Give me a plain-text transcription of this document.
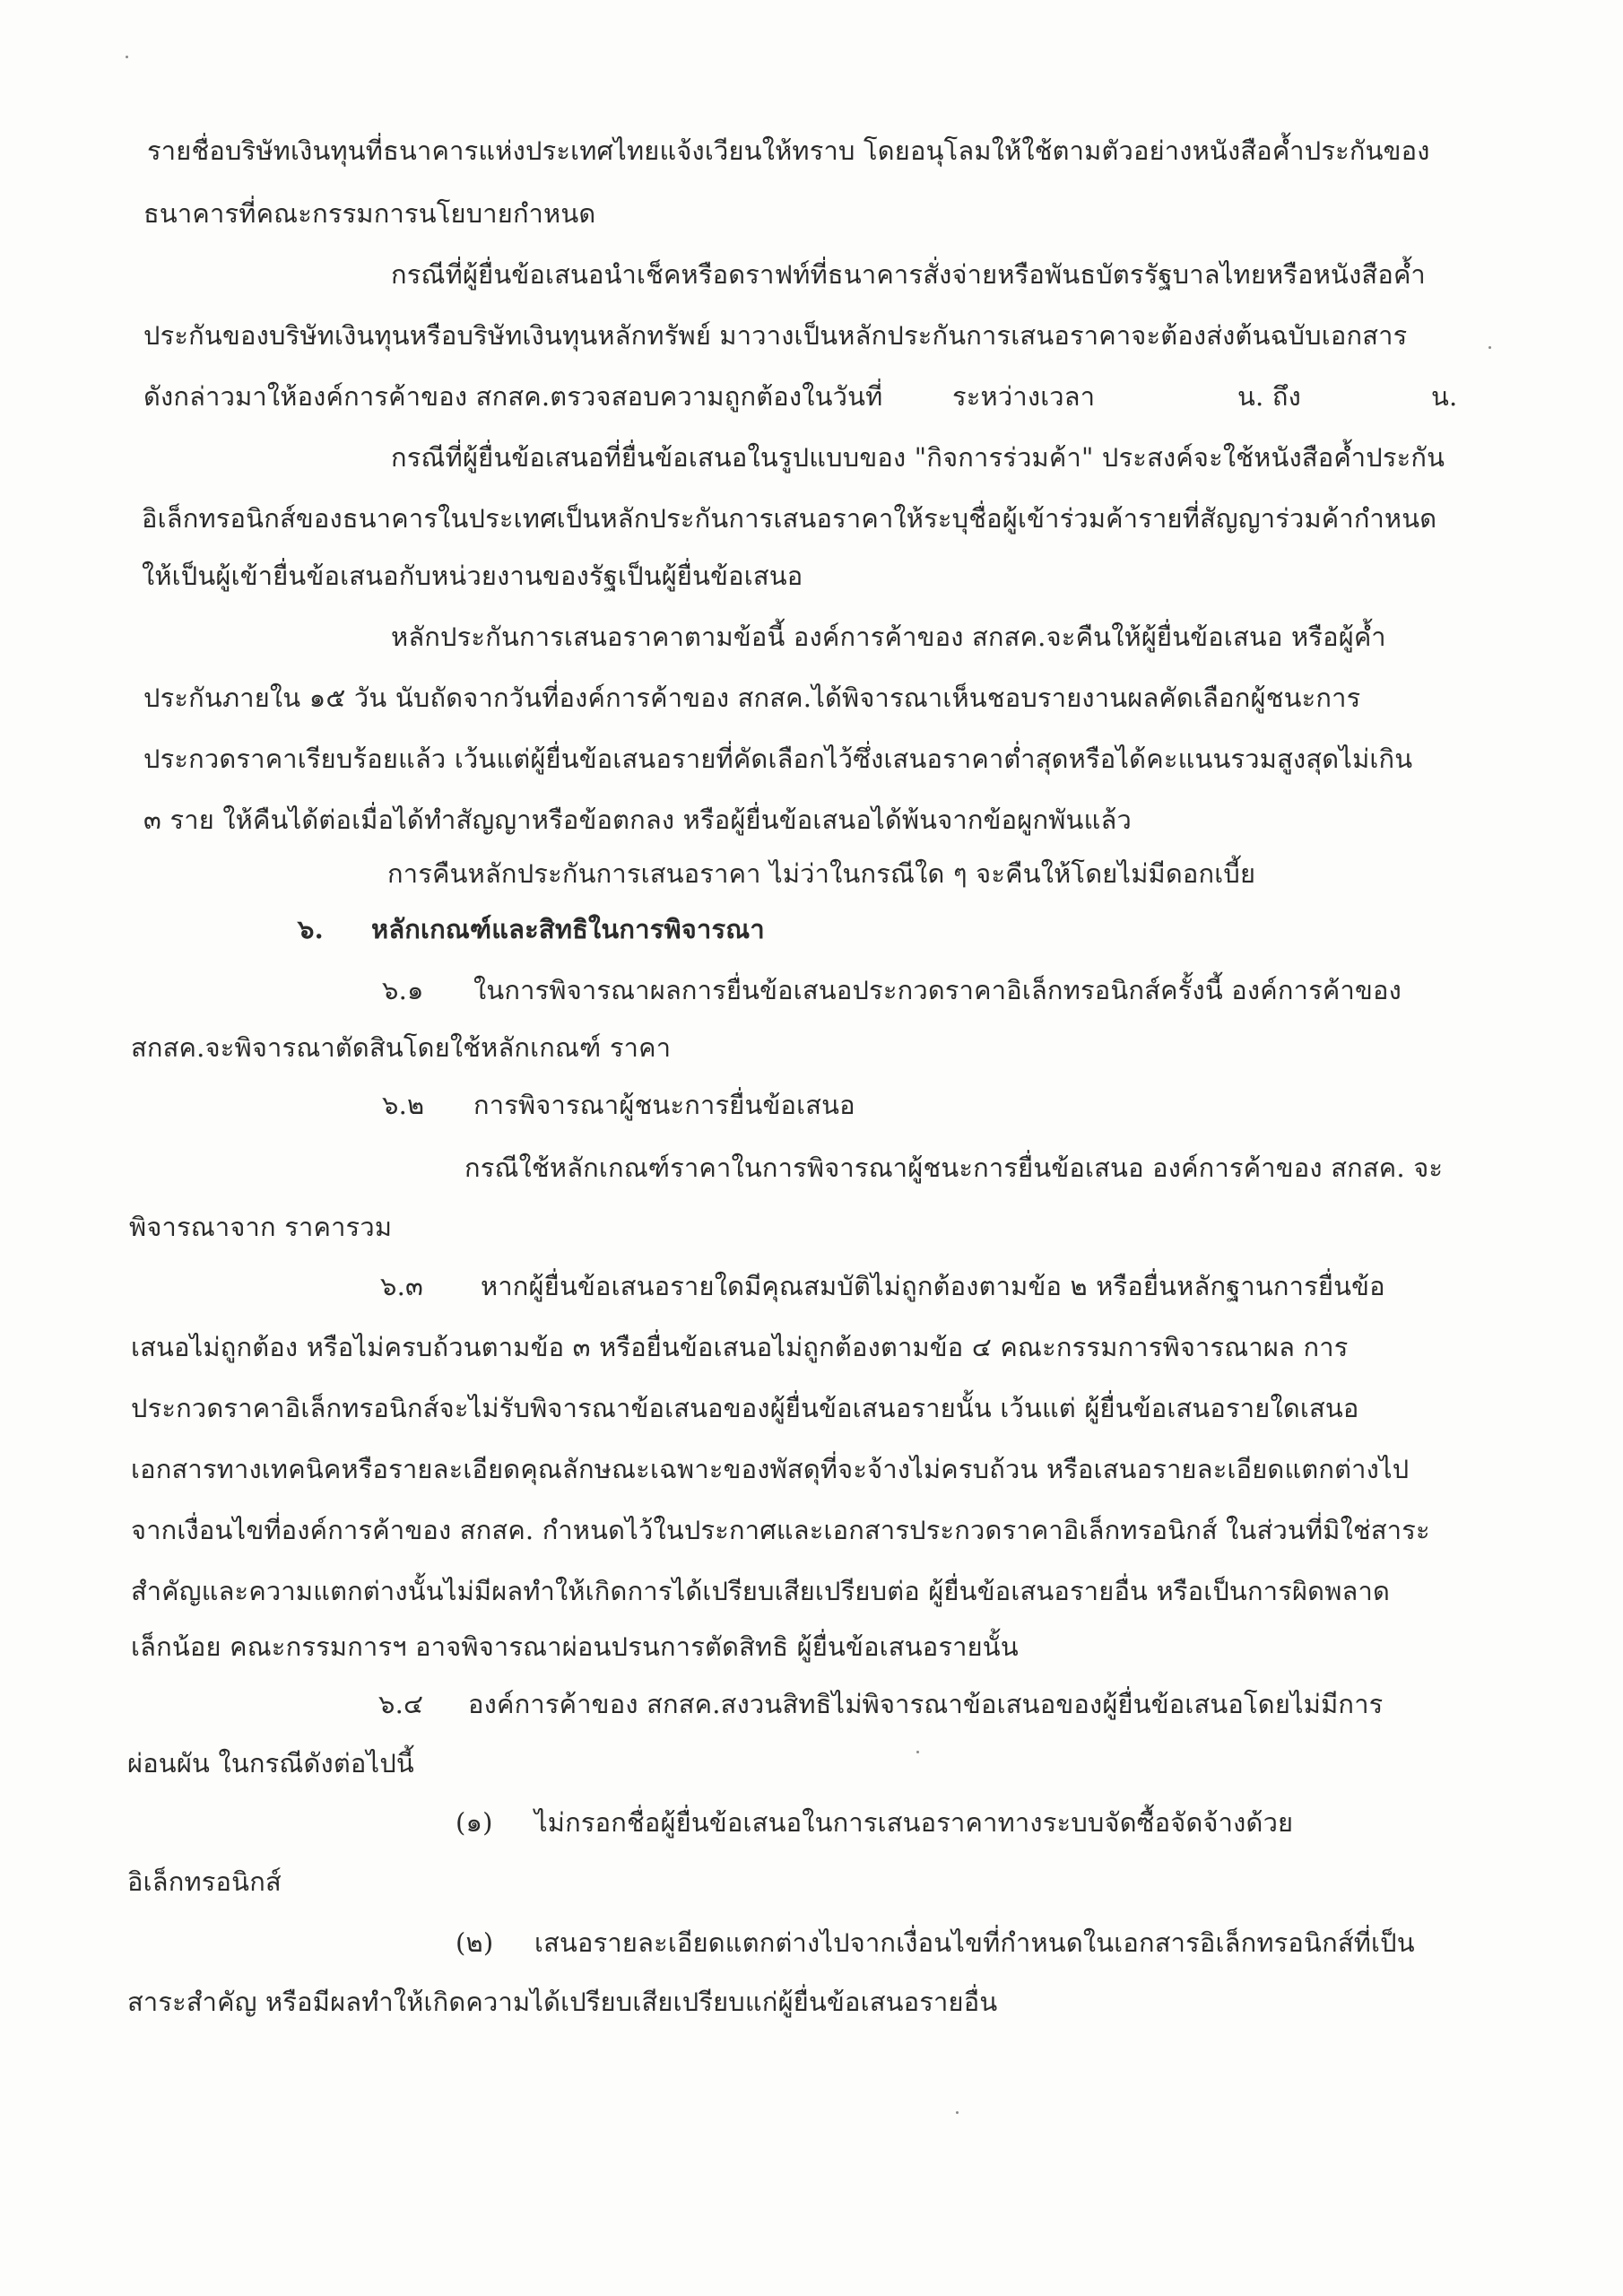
รายชื่อบริษัทเงินทุนที่ธนาคารแห่งประเทศไทยแจ้งเวียนให้ทราบ โดยอนุโลมให้ใช้ตามตัวอย่างหนังสือค้ำประกันของ
ธนาคารที่คณะกรรมการนโยบายกำหนด
กรณีที่ผู้ยื่นข้อเสนอนำเช็คหรือดราฟท์ที่ธนาคารสั่งจ่ายหรือพันธบัตรรัฐบาลไทยหรือหนังสือค้ำ
ประกันของบริษัทเงินทุนหรือบริษัทเงินทุนหลักทรัพย์ มาวางเป็นหลักประกันการเสนอราคาจะต้องส่งต้นฉบับเอกสาร
ดังกล่าวมาให้องค์การค้าของ สกสค.ตรวจสอบความถูกต้องในวันที่	ระหว่างเวลา	น. ถึง	น.
กรณีที่ผู้ยื่นข้อเสนอที่ยื่นข้อเสนอในรูปแบบของ "กิจการร่วมค้า" ประสงค์จะใช้หนังสือค้ำประกัน
อิเล็กทรอนิกส์ของธนาคารในประเทศเป็นหลักประกันการเสนอราคาให้ระบุชื่อผู้เข้าร่วมค้ารายที่สัญญาร่วมค้ากำหนด
ให้เป็นผู้เข้ายื่นข้อเสนอกับหน่วยงานของรัฐเป็นผู้ยื่นข้อเสนอ
หลักประกันการเสนอราคาตามข้อนี้ องค์การค้าของ สกสค.จะคืนให้ผู้ยื่นข้อเสนอ หรือผู้ค้ำ
ประกันภายใน ๑๕ วัน นับถัดจากวันที่องค์การค้าของ สกสค.ได้พิจารณาเห็นชอบรายงานผลคัดเลือกผู้ชนะการ
ประกวดราคาเรียบร้อยแล้ว เว้นแต่ผู้ยื่นข้อเสนอรายที่คัดเลือกไว้ซึ่งเสนอราคาต่ำสุดหรือได้คะแนนรวมสูงสุดไม่เกิน
๓ ราย ให้คืนได้ต่อเมื่อได้ทำสัญญาหรือข้อตกลง หรือผู้ยื่นข้อเสนอได้พ้นจากข้อผูกพันแล้ว
การคืนหลักประกันการเสนอราคา ไม่ว่าในกรณีใด ๆ จะคืนให้โดยไม่มีดอกเบี้ย
๖. หลักเกณฑ์และสิทธิในการพิจารณา
๖.๑ ในการพิจารณาผลการยื่นข้อเสนอประกวดราคาอิเล็กทรอนิกส์ครั้งนี้ องค์การค้าของ
สกสค.จะพิจารณาตัดสินโดยใช้หลักเกณฑ์ ราคา
๖.๒ การพิจารณาผู้ชนะการยื่นข้อเสนอ
กรณีใช้หลักเกณฑ์ราคาในการพิจารณาผู้ชนะการยื่นข้อเสนอ องค์การค้าของ สกสค. จะ
พิจารณาจาก ราคารวม
๖.๓ หากผู้ยื่นข้อเสนอรายใดมีคุณสมบัติไม่ถูกต้องตามข้อ ๒ หรือยื่นหลักฐานการยื่นข้อ
เสนอไม่ถูกต้อง หรือไม่ครบถ้วนตามข้อ ๓ หรือยื่นข้อเสนอไม่ถูกต้องตามข้อ ๔ คณะกรรมการพิจารณาผล การ
ประกวดราคาอิเล็กทรอนิกส์จะไม่รับพิจารณาข้อเสนอของผู้ยื่นข้อเสนอรายนั้น เว้นแต่ ผู้ยื่นข้อเสนอรายใดเสนอ
เอกสารทางเทคนิคหรือรายละเอียดคุณลักษณะเฉพาะของพัสดุที่จะจ้างไม่ครบถ้วน หรือเสนอรายละเอียดแตกต่างไป
จากเงื่อนไขที่องค์การค้าของ สกสค. กำหนดไว้ในประกาศและเอกสารประกวดราคาอิเล็กทรอนิกส์ ในส่วนที่มิใช่สาระ
สำคัญและความแตกต่างนั้นไม่มีผลทำให้เกิดการได้เปรียบเสียเปรียบต่อ ผู้ยื่นข้อเสนอรายอื่น หรือเป็นการผิดพลาด
เล็กน้อย คณะกรรมการฯ อาจพิจารณาผ่อนปรนการตัดสิทธิ ผู้ยื่นข้อเสนอรายนั้น
๖.๔ องค์การค้าของ สกสค.สงวนสิทธิไม่พิจารณาข้อเสนอของผู้ยื่นข้อเสนอโดยไม่มีการ
ผ่อนผัน ในกรณีดังต่อไปนี้
(๑) ไม่กรอกชื่อผู้ยื่นข้อเสนอในการเสนอราคาทางระบบจัดซื้อจัดจ้างด้วย
อิเล็กทรอนิกส์
(๒) เสนอรายละเอียดแตกต่างไปจากเงื่อนไขที่กำหนดในเอกสารอิเล็กทรอนิกส์ที่เป็น
สาระสำคัญ หรือมีผลทำให้เกิดความได้เปรียบเสียเปรียบแก่ผู้ยื่นข้อเสนอรายอื่น
